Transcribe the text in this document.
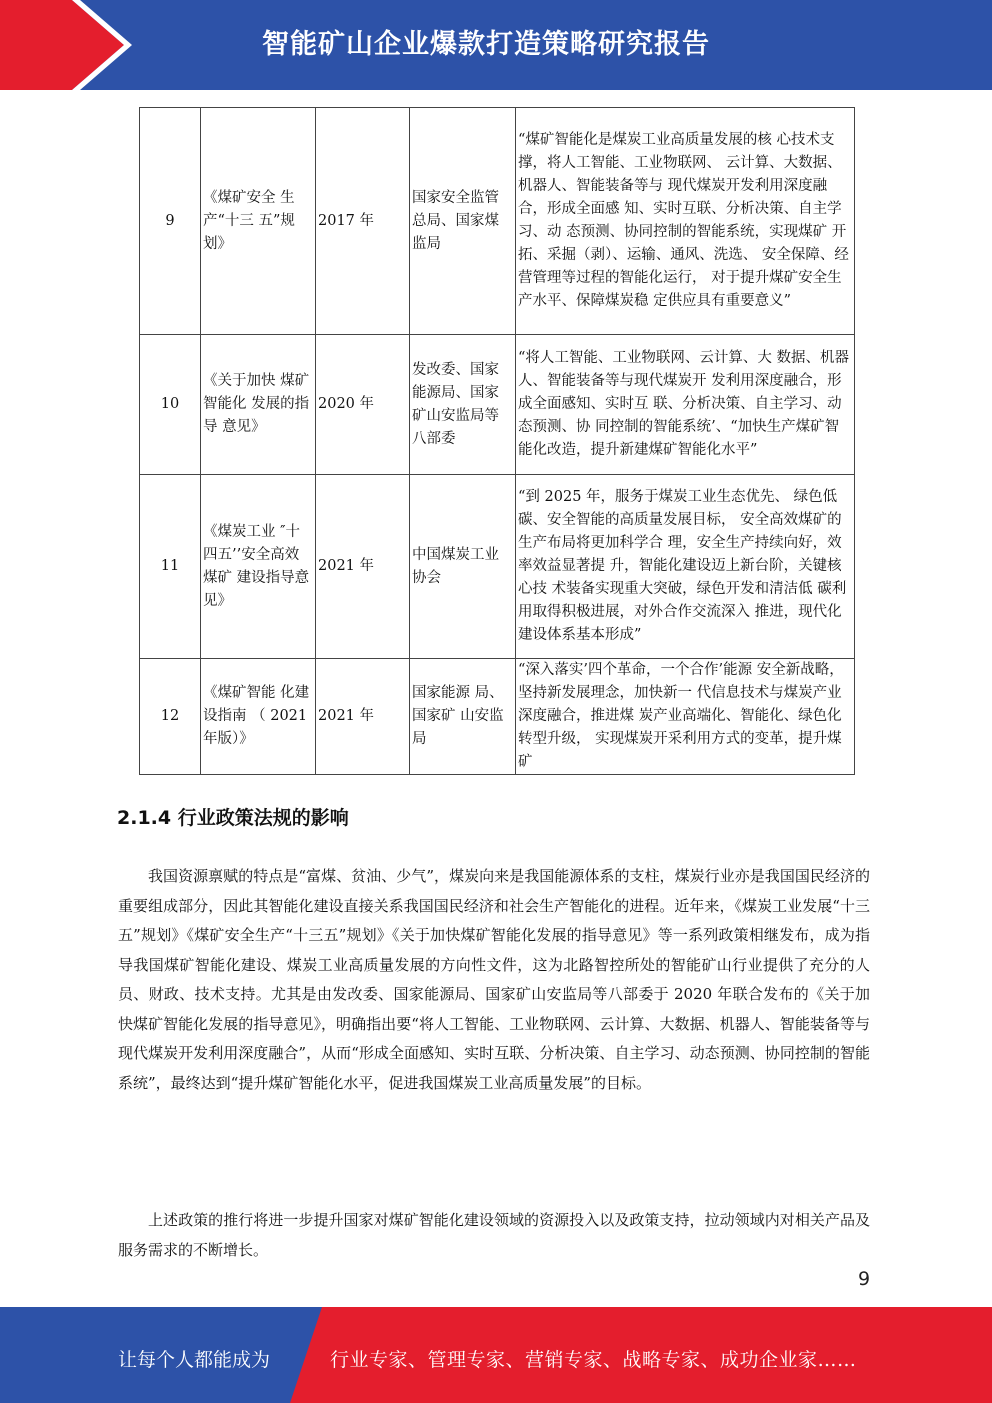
智能矿山企业爆款打造策略研究报告
9	《煤矿安全 生产“十三 五”规划》	2017 年	国家安全监管总局、国家煤监局	“煤矿智能化是煤炭工业高质量发展的核 心技术支撑，将人工智能、工业物联网、 云计算、大数据、机器人、智能装备等与 现代煤炭开发利用深度融合，形成全面感 知、实时互联、分析决策、自主学习、动 态预测、协同控制的智能系统，实现煤矿 开拓、采掘（剥）、运输、通风、洗选、 安全保障、经营管理等过程的智能化运行， 对于提升煤矿安全生产水平、保障煤炭稳 定供应具有重要意义”
10	《关于加快 煤矿智能化 发展的指导 意见》	2020 年	发改委、国家能源局、国家矿山安监局等八部委	“将人工智能、工业物联网、云计算、大 数据、机器人、智能装备等与现代煤炭开 发利用深度融合，形成全面感知、实时互 联、分析决策、自主学习、动态预测、协 同控制的智能系统’、“加快生产煤矿智 能化改造，提升新建煤矿智能化水平”
11	《煤炭工业 ″十四五’’安全高效煤矿 建设指导意 见》	2021 年	中国煤炭工业协会	“到 2025 年，服务于煤炭工业生态优先、 绿色低碳、安全智能的高质量发展目标， 安全高效煤矿的生产布局将更加科学合 理，安全生产持续向好，效率效益显著提 升，智能化建设迈上新台阶，关键核心技 术装备实现重大突破，绿色开发和清洁低 碳利用取得积极进展，对外合作交流深入 推进，现代化建设体系基本形成”
12	《煤矿智能 化建设指南 （ 2021 年版）》	2021 年	国家能源 局、国家矿 山安监局	“深入落实’四个革命，一个合作’能源 安全新战略，坚持新发展理念，加快新一 代信息技术与煤炭产业深度融合，推进煤 炭产业高端化、智能化、绿色化转型升级， 实现煤炭开采利用方式的变革，提升煤矿
2.1.4 行业政策法规的影响

我国资源禀赋的特点是“富煤、贫油、少气”，煤炭向来是我国能源体系的支柱，煤炭行业亦是我国国民经济的重要组成部分，因此其智能化建设直接关系我国国民经济和社会生产智能化的进程。近年来，《煤炭工业发展“十三五”规划》《煤矿安全生产“十三五”规划》《关于加快煤矿智能化发展的指导意见》等一系列政策相继发布，成为指导我国煤矿智能化建设、煤炭工业高质量发展的方向性文件，这为北路智控所处的智能矿山行业提供了充分的人员、财政、技术支持。尤其是由发改委、国家能源局、国家矿山安监局等八部委于 2020 年联合发布的《关于加快煤矿智能化发展的指导意见》，明确指出要“将人工智能、工业物联网、云计算、大数据、机器人、智能装备等与现代煤炭开发利用深度融合”，从而“形成全面感知、实时互联、分析决策、自主学习、动态预测、协同控制的智能系统”，最终达到“提升煤矿智能化水平，促进我国煤炭工业高质量发展”的目标。

上述政策的推行将进一步提升国家对煤矿智能化建设领域的资源投入以及政策支持，拉动领域内对相关产品及服务需求的不断增长。

9
让每个人都能成为	行业专家、管理专家、营销专家、战略专家、成功企业家……
